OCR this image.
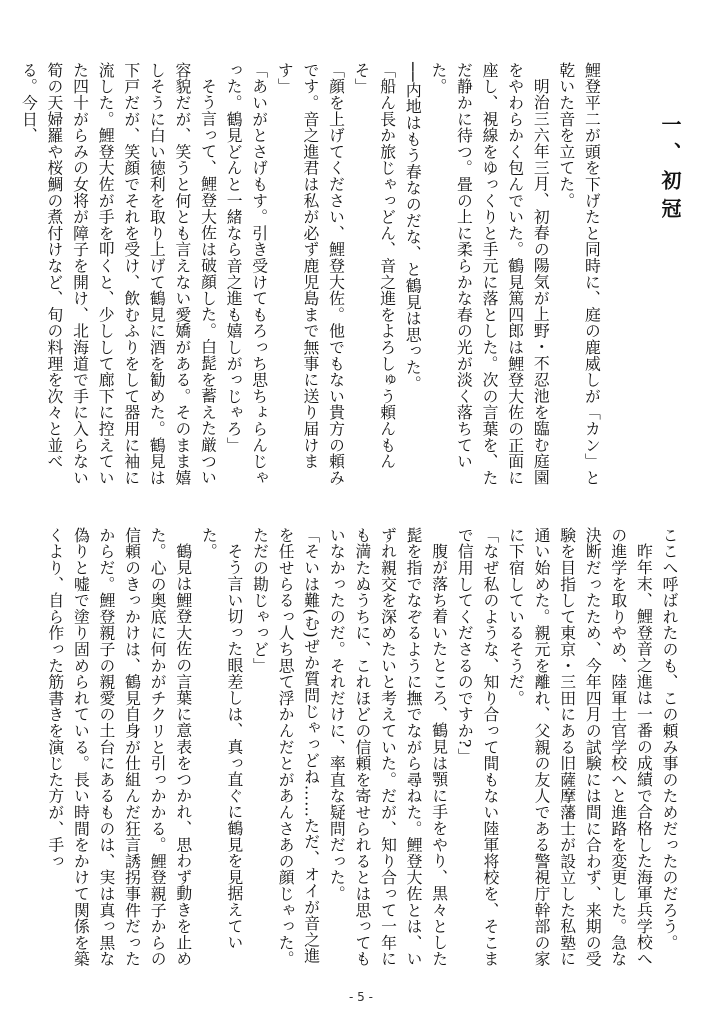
一、初冠

鯉登平二が頭を下げたと同時に、庭の鹿威しが「カン」と乾いた音を立てた。

明治三六年三月、初春の陽気が上野・不忍池を臨む庭園をやわらかく包んでいた。鶴見篤四郎は鯉登大佐の正面に座し、視線をゆっくりと手元に落とした。次の言葉を、ただ静かに待つ。畳の上に柔らかな春の光が淡く落ちていた。

──内地はもう春なのだな、と鶴見は思った。

「船ん長か旅じゃっどん、音之進をよろしゅう頼んもんそ」

「顔を上げてください、鯉登大佐。他でもない貴方の頼みです。音之進君は私が必ず鹿児島まで無事に送り届けます」

「あいがとさげもす。引き受けてもろっち思ちょらんじゃった。鶴見どんと一緒なら音之進も嬉しがっじゃろ」

そう言って、鯉登大佐は破顔した。白髭を蓄えた厳つい容貌だが、笑うと何とも言えない愛嬌がある。そのまま嬉しそうに白い徳利を取り上げて鶴見に酒を勧めた。鶴見は下戸だが、笑顔でそれを受け、飲むふりをして器用に袖に流した。鯉登大佐が手を叩くと、少しして廊下に控えていた四十がらみの女将が障子を開け、北海道で手に入らない筍の天婦羅や桜鯛の煮付けなど、旬の料理を次々と並べる。今日、

ここへ呼ばれたのも、この頼み事のためだったのだろう。

昨年末、鯉登音之進は一番の成績で合格した海軍兵学校への進学を取りやめ、陸軍士官学校へと進路を変更した。急な決断だったため、今年四月の試験には間に合わず、来期の受験を目指して東京・三田にある旧薩摩藩士が設立した私塾に通い始めた。親元を離れ、父親の友人である警視庁幹部の家に下宿しているそうだ。

「なぜ私のような、知り合って間もない陸軍将校を、そこまで信用してくださるのですか?」

腹が落ち着いたところ、鶴見は顎に手をやり、黒々とした髭を指でなぞるように撫でながら尋ねた。鯉登大佐とは、いずれ親交を深めたいと考えていた。だが、知り合って一年にも満たぬうちに、これほどの信頼を寄せられるとは思ってもいなかったのだ。それだけに、率直な疑問だった。

「そいは難(む)ぜか質問じゃっどね……ただ、オイが音之進を任せらるっ人ち思て浮かんだとがあんさあの顔じゃった。ただの勘じゃっど」

そう言い切った眼差しは、真っ直ぐに鶴見を見据えていた。

鶴見は鯉登大佐の言葉に意表をつかれ、思わず動きを止めた。心の奥底に何かがチクリと引っかかる。鯉登親子からの信頼のきっかけは、鶴見自身が仕組んだ狂言誘拐事件だったからだ。鯉登親子の親愛の土台にあるものは、実は真っ黒な偽りと嘘で塗り固められている。長い時間をかけて関係を築くより、自ら作った筋書きを演じた方が、手っ

- 5 -
